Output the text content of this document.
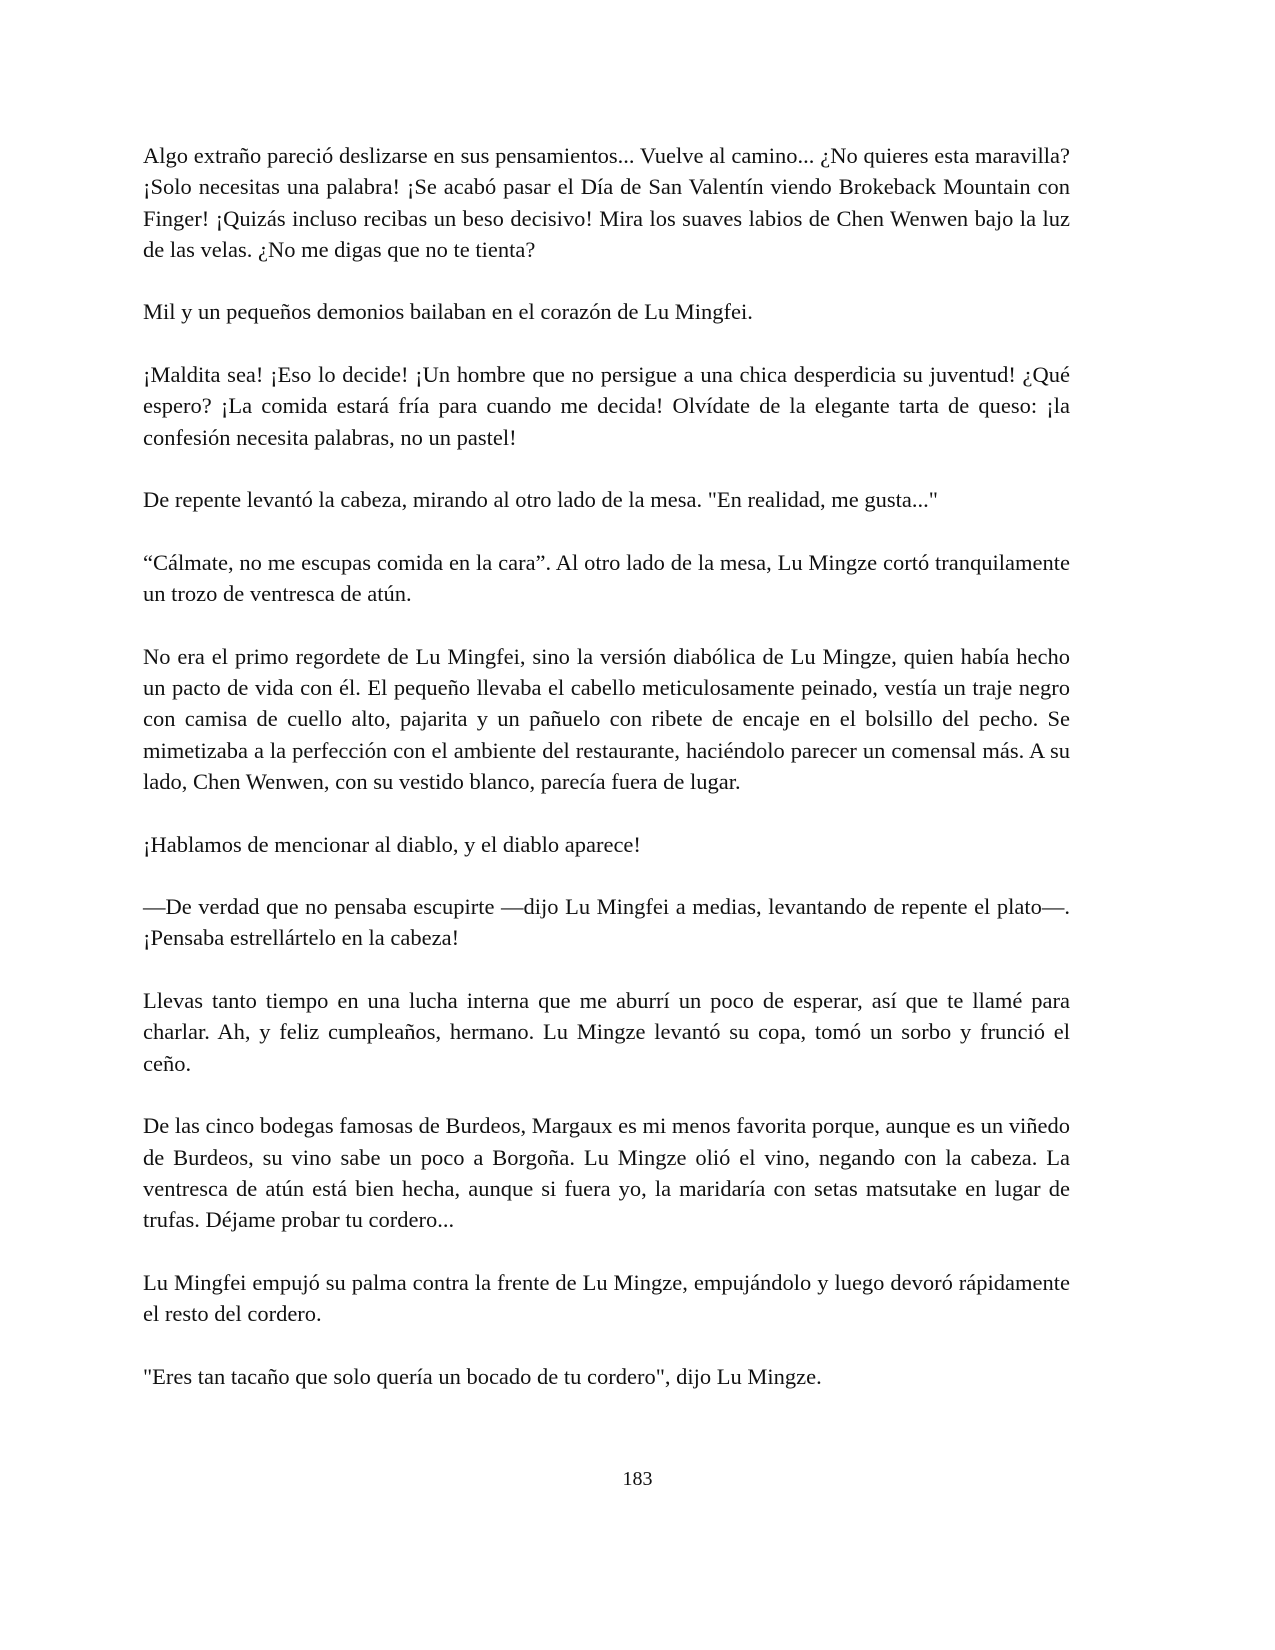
Algo extraño pareció deslizarse en sus pensamientos... Vuelve al camino... ¿No quieres esta maravilla? ¡Solo necesitas una palabra! ¡Se acabó pasar el Día de San Valentín viendo Brokeback Mountain con Finger! ¡Quizás incluso recibas un beso decisivo! Mira los suaves labios de Chen Wenwen bajo la luz de las velas. ¿No me digas que no te tienta?

Mil y un pequeños demonios bailaban en el corazón de Lu Mingfei.

¡Maldita sea! ¡Eso lo decide! ¡Un hombre que no persigue a una chica desperdicia su juventud! ¿Qué espero? ¡La comida estará fría para cuando me decida! Olvídate de la elegante tarta de queso: ¡la confesión necesita palabras, no un pastel!

De repente levantó la cabeza, mirando al otro lado de la mesa. "En realidad, me gusta..."

“Cálmate, no me escupas comida en la cara”. Al otro lado de la mesa, Lu Mingze cortó tranquilamente un trozo de ventresca de atún.

No era el primo regordete de Lu Mingfei, sino la versión diabólica de Lu Mingze, quien había hecho un pacto de vida con él. El pequeño llevaba el cabello meticulosamente peinado, vestía un traje negro con camisa de cuello alto, pajarita y un pañuelo con ribete de encaje en el bolsillo del pecho. Se mimetizaba a la perfección con el ambiente del restaurante, haciéndolo parecer un comensal más. A su lado, Chen Wenwen, con su vestido blanco, parecía fuera de lugar.

¡Hablamos de mencionar al diablo, y el diablo aparece!

—De verdad que no pensaba escupirte —dijo Lu Mingfei a medias, levantando de repente el plato—. ¡Pensaba estrellártelo en la cabeza!

Llevas tanto tiempo en una lucha interna que me aburrí un poco de esperar, así que te llamé para charlar. Ah, y feliz cumpleaños, hermano. Lu Mingze levantó su copa, tomó un sorbo y frunció el ceño.

De las cinco bodegas famosas de Burdeos, Margaux es mi menos favorita porque, aunque es un viñedo de Burdeos, su vino sabe un poco a Borgoña. Lu Mingze olió el vino, negando con la cabeza. La ventresca de atún está bien hecha, aunque si fuera yo, la maridaría con setas matsutake en lugar de trufas. Déjame probar tu cordero...

Lu Mingfei empujó su palma contra la frente de Lu Mingze, empujándolo y luego devoró rápidamente el resto del cordero.

"Eres tan tacaño que solo quería un bocado de tu cordero", dijo Lu Mingze.

183
